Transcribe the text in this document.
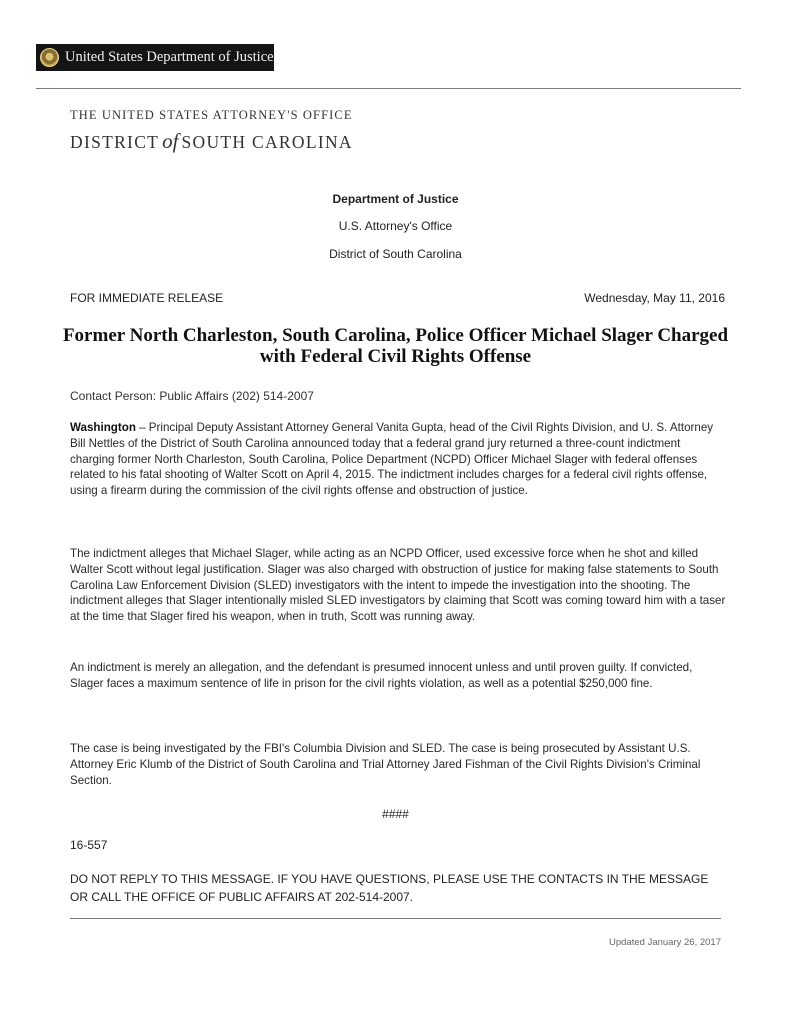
United States Department of Justice
THE UNITED STATES ATTORNEY'S OFFICE
DISTRICT of SOUTH CAROLINA
Department of Justice
U.S. Attorney's Office
District of South Carolina
FOR IMMEDIATE RELEASE	Wednesday, May 11, 2016
Former North Charleston, South Carolina, Police Officer Michael Slager Charged with Federal Civil Rights Offense
Contact Person: Public Affairs (202) 514-2007
Washington – Principal Deputy Assistant Attorney General Vanita Gupta, head of the Civil Rights Division, and U. S. Attorney Bill Nettles of the District of South Carolina announced today that a federal grand jury returned a three-count indictment charging former North Charleston, South Carolina, Police Department (NCPD) Officer Michael Slager with federal offenses related to his fatal shooting of Walter Scott on April 4, 2015. The indictment includes charges for a federal civil rights offense, using a firearm during the commission of the civil rights offense and obstruction of justice.
The indictment alleges that Michael Slager, while acting as an NCPD Officer, used excessive force when he shot and killed Walter Scott without legal justification. Slager was also charged with obstruction of justice for making false statements to South Carolina Law Enforcement Division (SLED) investigators with the intent to impede the investigation into the shooting. The indictment alleges that Slager intentionally misled SLED investigators by claiming that Scott was coming toward him with a taser at the time that Slager fired his weapon, when in truth, Scott was running away.
An indictment is merely an allegation, and the defendant is presumed innocent unless and until proven guilty. If convicted, Slager faces a maximum sentence of life in prison for the civil rights violation, as well as a potential $250,000 fine.
The case is being investigated by the FBI's Columbia Division and SLED. The case is being prosecuted by Assistant U.S. Attorney Eric Klumb of the District of South Carolina and Trial Attorney Jared Fishman of the Civil Rights Division's Criminal Section.
####
16-557
DO NOT REPLY TO THIS MESSAGE. IF YOU HAVE QUESTIONS, PLEASE USE THE CONTACTS IN THE MESSAGE OR CALL THE OFFICE OF PUBLIC AFFAIRS AT 202-514-2007.
Updated January 26, 2017
